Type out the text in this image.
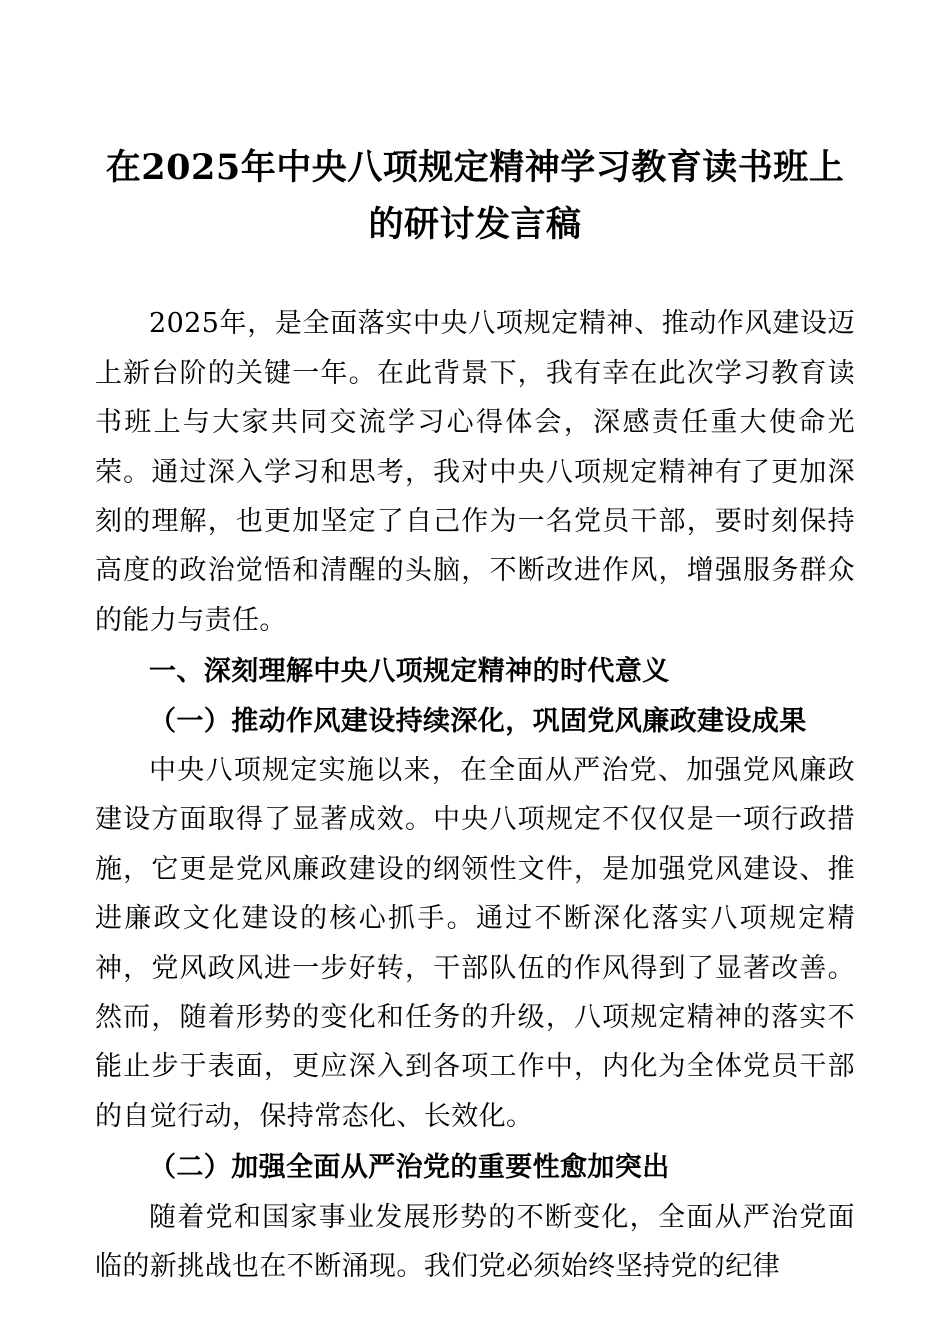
在2025年中央八项规定精神学习教育读书班上的研讨发言稿

2025年，是全面落实中央八项规定精神、推动作风建设迈上新台阶的关键一年。在此背景下，我有幸在此次学习教育读书班上与大家共同交流学习心得体会，深感责任重大使命光荣。通过深入学习和思考，我对中央八项规定精神有了更加深刻的理解，也更加坚定了自己作为一名党员干部，要时刻保持高度的政治觉悟和清醒的头脑，不断改进作风，增强服务群众的能力与责任。

一、深刻理解中央八项规定精神的时代意义

（一）推动作风建设持续深化，巩固党风廉政建设成果

中央八项规定实施以来，在全面从严治党、加强党风廉政建设方面取得了显著成效。中央八项规定不仅仅是一项行政措施，它更是党风廉政建设的纲领性文件，是加强党风建设、推进廉政文化建设的核心抓手。通过不断深化落实八项规定精神，党风政风进一步好转，干部队伍的作风得到了显著改善。然而，随着形势的变化和任务的升级，八项规定精神的落实不能止步于表面，更应深入到各项工作中，内化为全体党员干部的自觉行动，保持常态化、长效化。

（二）加强全面从严治党的重要性愈加突出

随着党和国家事业发展形势的不断变化，全面从严治党面临的新挑战也在不断涌现。我们党必须始终坚持党的纪律
